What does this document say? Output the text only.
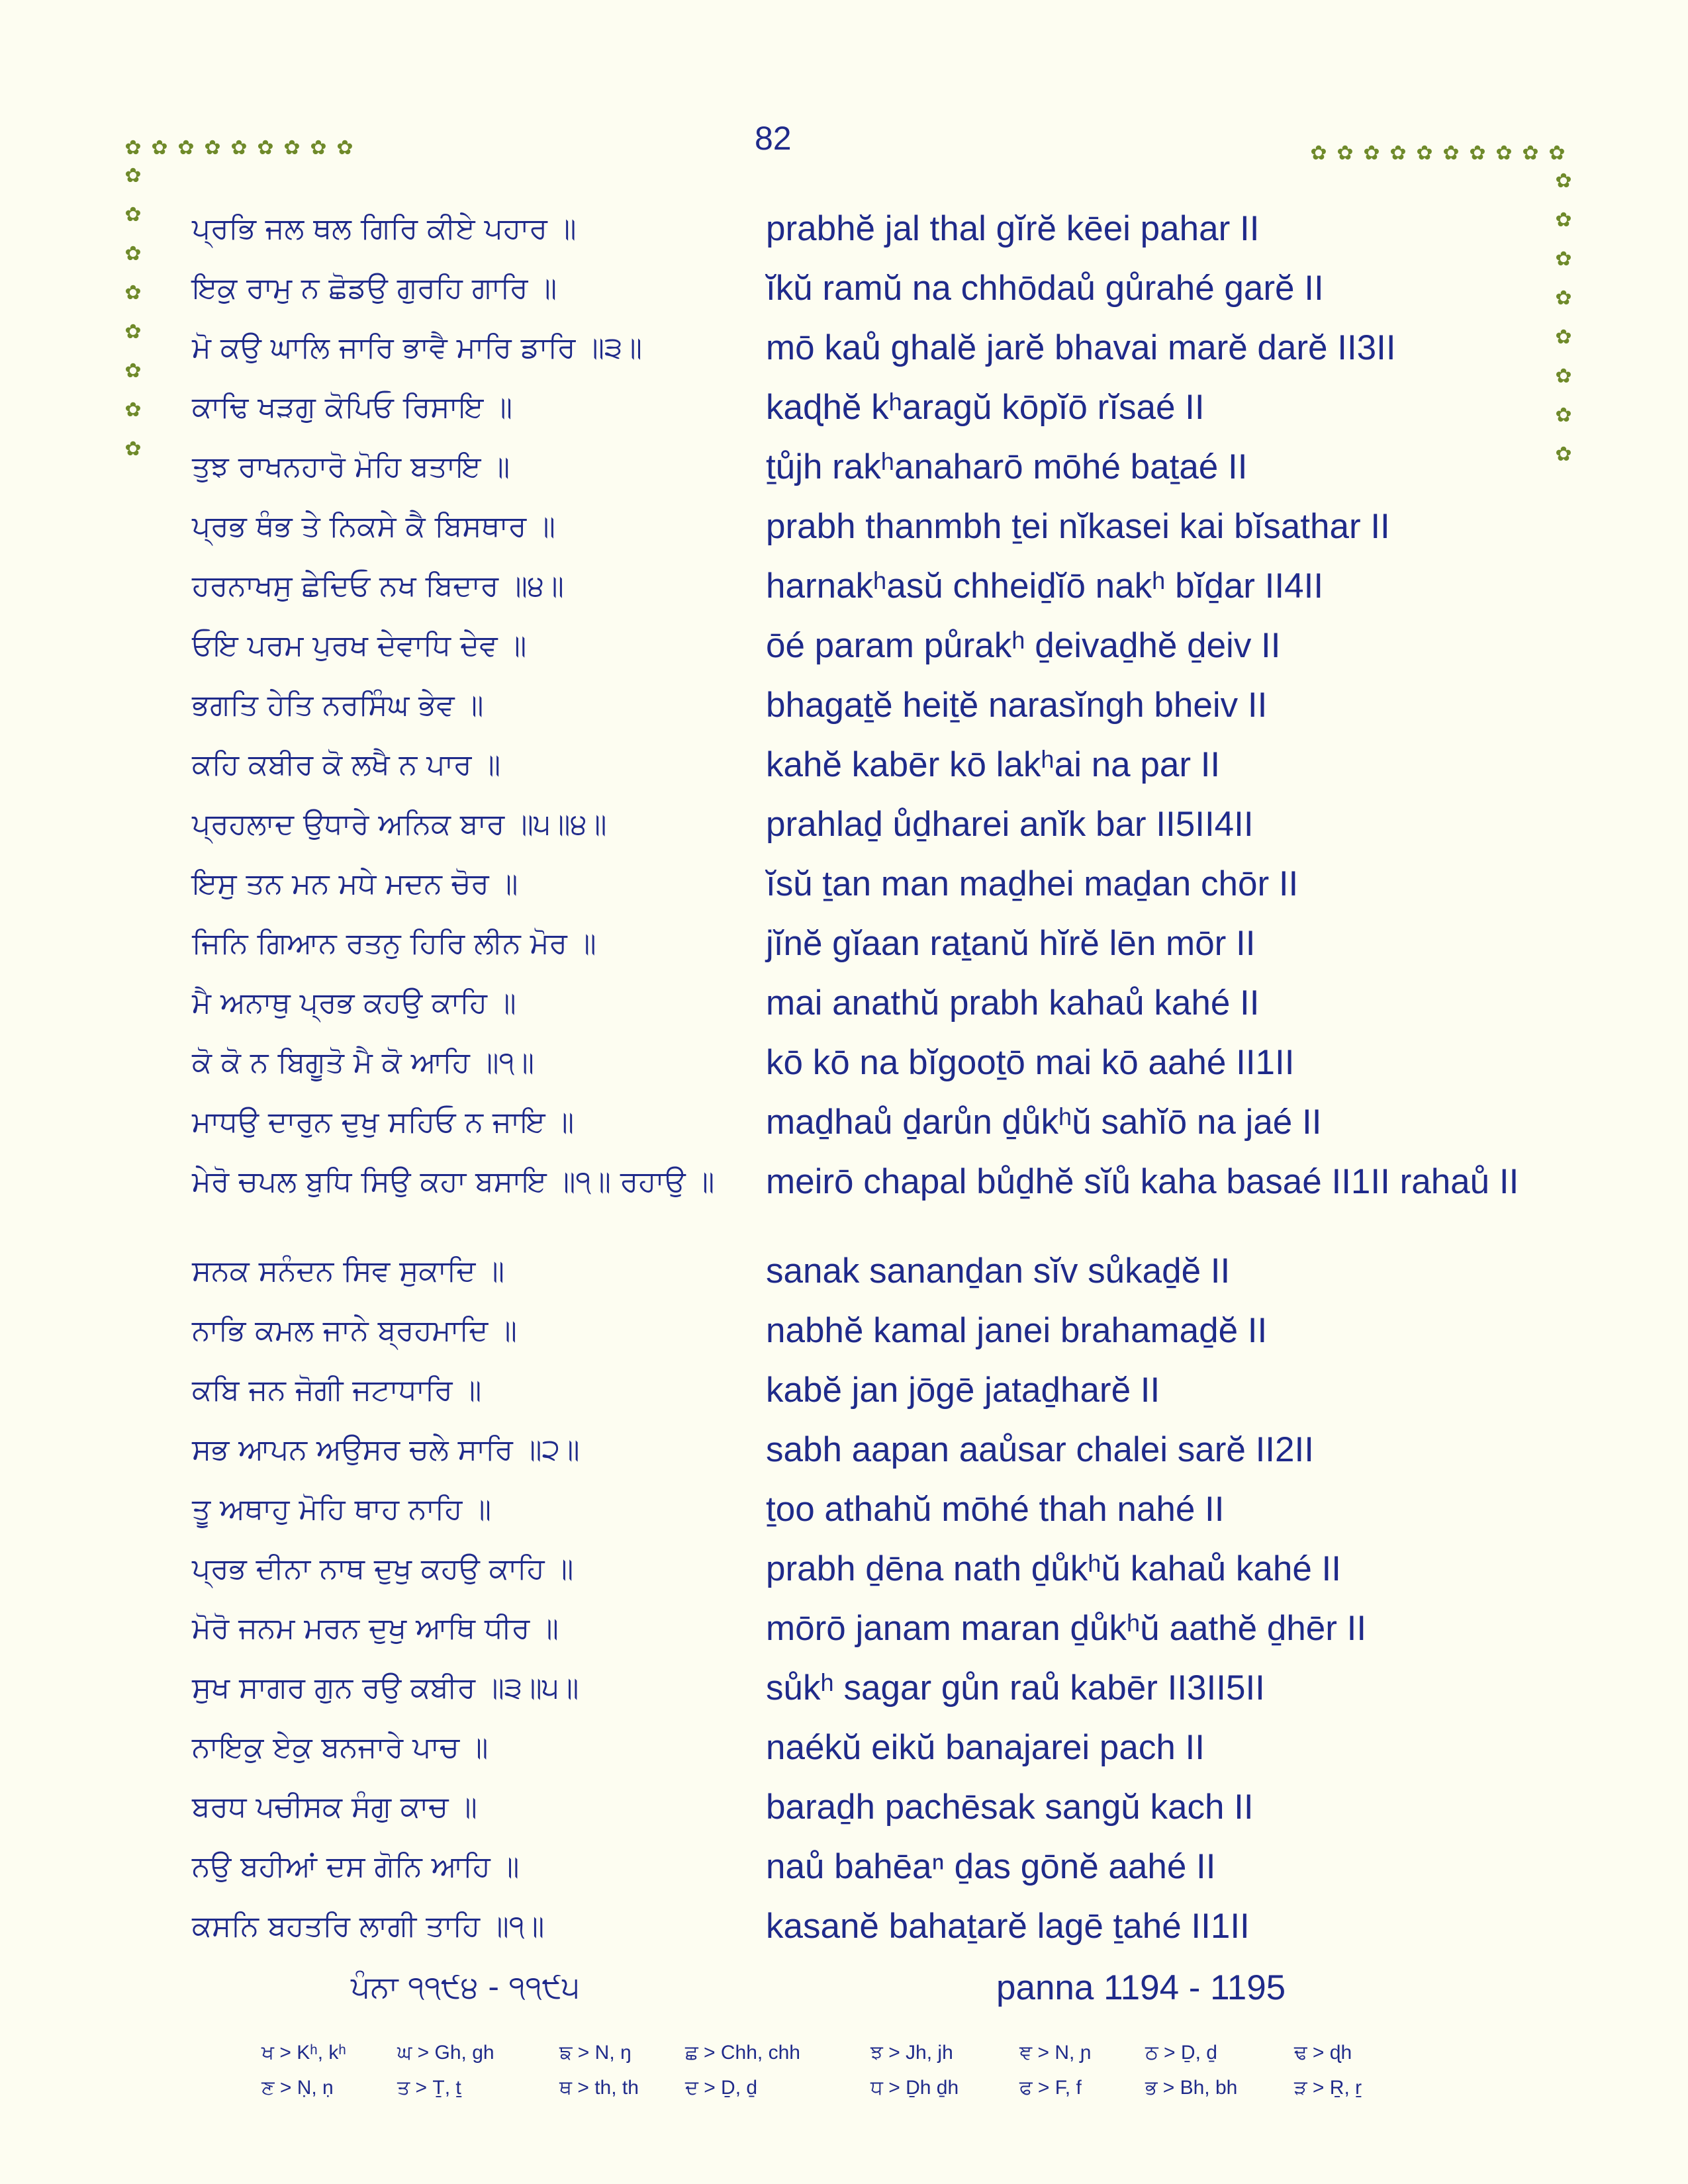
82
✿
✿
✿
✿
✿
✿
✿
✿
✿
✿
✿
✿
✿
✿
✿
✿
✿
✿
✿
✿
✿
✿
✿
✿
✿
✿
✿
✿
✿
✿
✿
✿
✿
✿
✿
ਪ੍ਰਭਿ ਜਲ ਥਲ ਗਿਰਿ ਕੀਏ ਪਹਾਰ ॥	prabhĕ jal thal gĭrĕ kēei pahar II
ਇਕੁ ਰਾਮੁ ਨ ਛੋਡਉ ਗੁਰਹਿ ਗਾਰਿ ॥	ĭkŭ ramŭ na chhōdaů gůrahé garĕ II
ਮੋ ਕਉ ਘਾਲਿ ਜਾਰਿ ਭਾਵੈ ਮਾਰਿ ਡਾਰਿ ॥੩॥	mō kaů ghalĕ jarĕ bhavai marĕ darĕ II3II
ਕਾਢਿ ਖੜਗੁ ਕੋਪਿਓ ਰਿਸਾਇ ॥	kaɖhĕ kʰaragŭ kōpĭō rĭsaé II
ਤੁਝ ਰਾਖਨਹਾਰੋ ਮੋਹਿ ਬਤਾਇ ॥	ṯůjh rakʰanaharō mōhé baṯaé II
ਪ੍ਰਭ ਥੰਭ ਤੇ ਨਿਕਸੇ ਕੈ ਬਿਸਥਾਰ ॥	prabh thanmbh ṯei nĭkasei kai bĭsathar II
ਹਰਨਾਖਸੁ ਛੇਦਿਓ ਨਖ ਬਿਦਾਰ ॥੪॥	harnakʰasŭ chheiḏĭō nakʰ bĭḏar II4II
ਓਇ ਪਰਮ ਪੁਰਖ ਦੇਵਾਧਿ ਦੇਵ ॥	ōé param půrakʰ ḏeivaḏhĕ ḏeiv II
ਭਗਤਿ ਹੇਤਿ ਨਰਸਿੰਘ ਭੇਵ ॥	bhagaṯĕ heiṯĕ narasĭngh bheiv II
ਕਹਿ ਕਬੀਰ ਕੋ ਲਖੈ ਨ ਪਾਰ ॥	kahĕ kabēr kō lakʰai na par II
ਪ੍ਰਹਲਾਦ ਉਧਾਰੇ ਅਨਿਕ ਬਾਰ ॥੫॥੪॥	prahlaḏ ůḏharei anĭk bar II5II4II
ਇਸੁ ਤਨ ਮਨ ਮਧੇ ਮਦਨ ਚੋਰ ॥	ĭsŭ ṯan man maḏhei maḏan chōr II
ਜਿਨਿ ਗਿਆਨ ਰਤਨੁ ਹਿਰਿ ਲੀਨ ਮੋਰ ॥	jĭnĕ gĭaan raṯanŭ hĭrĕ lēn mōr II
ਮੈ ਅਨਾਥੁ ਪ੍ਰਭ ਕਹਉ ਕਾਹਿ ॥	mai anathŭ prabh kahaů kahé II
ਕੋ ਕੋ ਨ ਬਿਗੂਤੋ ਮੈ ਕੋ ਆਹਿ ॥੧॥	kō kō na bĭgooṯō mai kō aahé II1II
ਮਾਧਉ ਦਾਰੁਨ ਦੁਖੁ ਸਹਿਓ ਨ ਜਾਇ ॥	maḏhaů ḏarůn ḏůkʰŭ sahĭō na jaé II
ਮੇਰੋ ਚਪਲ ਬੁਧਿ ਸਿਉ ਕਹਾ ਬਸਾਇ ॥੧॥ ਰਹਾਉ ॥	meirō chapal bůḏhĕ sĭů kaha basaé II1II rahaů II
ਸਨਕ ਸਨੰਦਨ ਸਿਵ ਸੁਕਾਦਿ ॥	sanak sananḏan sĭv sůkaḏĕ II
ਨਾਭਿ ਕਮਲ ਜਾਨੇ ਬ੍ਰਹਮਾਦਿ ॥	nabhĕ kamal janei brahamaḏĕ II
ਕਬਿ ਜਨ ਜੋਗੀ ਜਟਾਧਾਰਿ ॥	kabĕ jan jōgē jataḏharĕ II
ਸਭ ਆਪਨ ਅਉਸਰ ਚਲੇ ਸਾਰਿ ॥੨॥	sabh aapan aaůsar chalei sarĕ II2II
ਤੂ ਅਥਾਹੁ ਮੋਹਿ ਥਾਹ ਨਾਹਿ ॥	ṯoo athahŭ mōhé thah nahé II
ਪ੍ਰਭ ਦੀਨਾ ਨਾਥ ਦੁਖੁ ਕਹਉ ਕਾਹਿ ॥	prabh ḏēna nath ḏůkʰŭ kahaů kahé II
ਮੋਰੋ ਜਨਮ ਮਰਨ ਦੁਖੁ ਆਥਿ ਧੀਰ ॥	mōrō janam maran ḏůkʰŭ aathĕ ḏhēr II
ਸੁਖ ਸਾਗਰ ਗੁਨ ਰਉ ਕਬੀਰ ॥੩॥੫॥	sůkʰ sagar gůn raů kabēr II3II5II
ਨਾਇਕੁ ਏਕੁ ਬਨਜਾਰੇ ਪਾਚ ॥	naékŭ eikŭ banajarei pach II
ਬਰਧ ਪਚੀਸਕ ਸੰਗੁ ਕਾਚ ॥	baraḏh pachēsak sangŭ kach II
ਨਉ ਬਹੀਆਂ ਦਸ ਗੋਨਿ ਆਹਿ ॥	naů bahēaⁿ ḏas gōnĕ aahé II
ਕਸਨਿ ਬਹਤਰਿ ਲਾਗੀ ਤਾਹਿ ॥੧॥	kasanĕ bahaṯarĕ lagē ṯahé II1II
ਪੰਨਾ ੧੧੯੪ - ੧੧੯੫	panna 1194 - 1195
ਖ > Kʰ, kʰ	ਘ > Gh, gh	ਙ > N, ŋ	ਛ > Chh, chh	ਝ > Jh, jh	ਞ > N, ɲ	ਠ > Ḏ, ḏ	ਢ > ɖh
ਣ > Ṇ, ṇ	ਤ > Ṯ, ṯ	ਥ > th, th ਦ > Ḏ, ḏ	ਧ > Ḏh ḏh	ਫ > F, f	ਭ > Bh, bh	ੜ > Ṟ, ṟ
